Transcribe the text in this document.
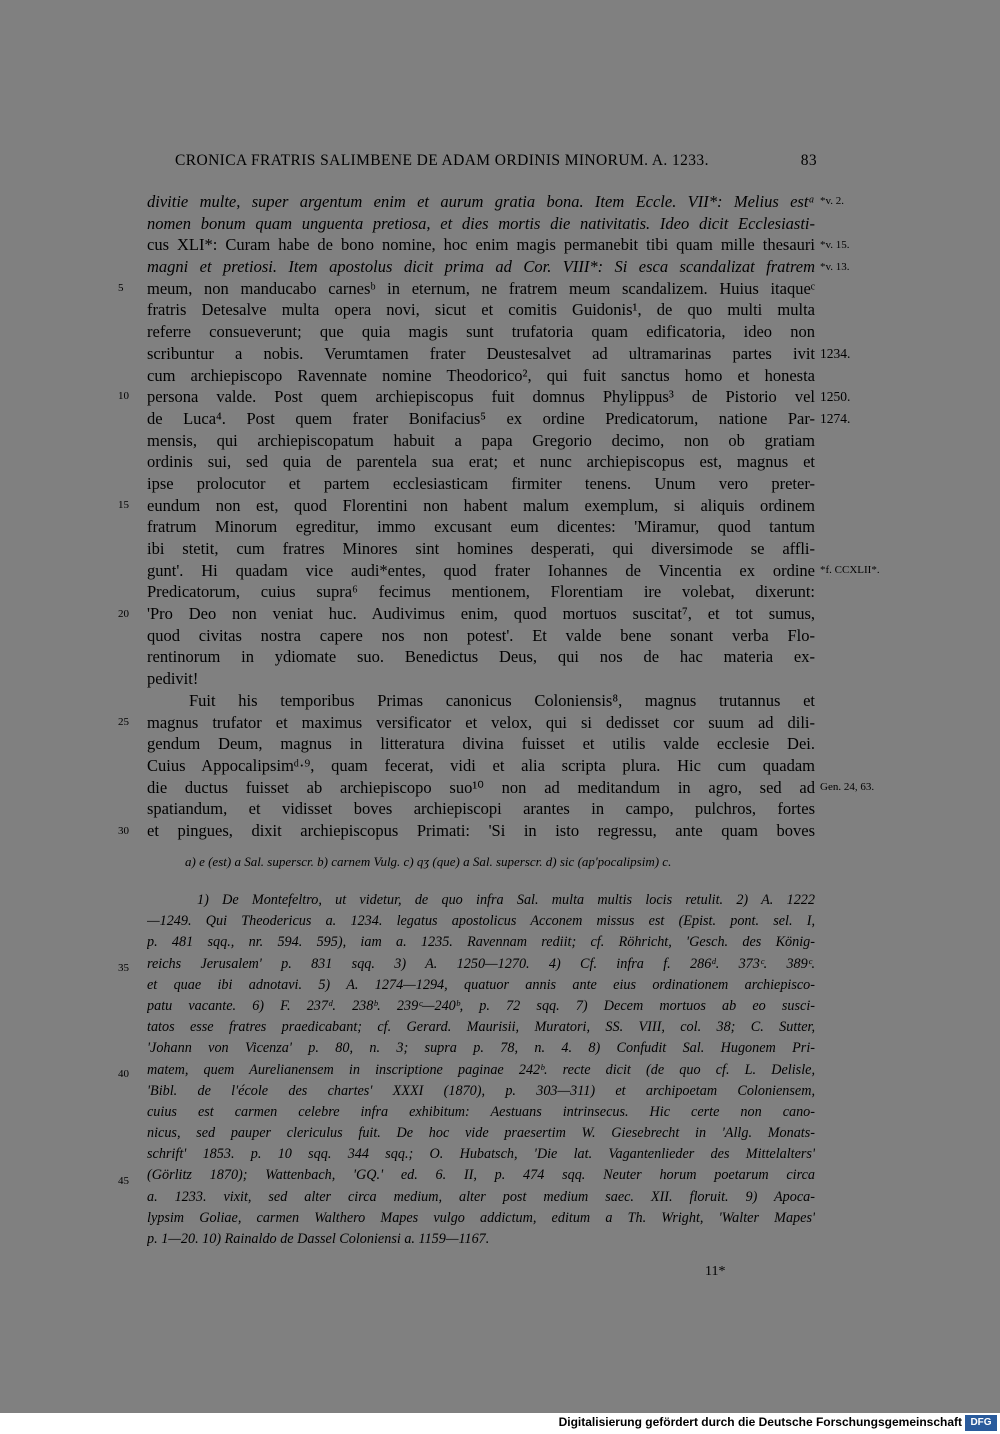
CRONICA FRATRIS SALIMBENE DE ADAM ORDINIS MINORUM. A. 1233.	83
divitie multe, super argentum enim et aurum gratia bona. Item Eccle. VII*: Melius estᵃ
nomen bonum quam unguenta pretiosa, et dies mortis die nativitatis. Ideo dicit Ecclesiasti-
cus XLI*: Curam habe de bono nomine, hoc enim magis permanebit tibi quam mille thesauri
magni et pretiosi. Item apostolus dicit prima ad Cor. VIII*: Si esca scandalizat fratrem
meum, non manducabo carnesᵇ in eternum, ne fratrem meum scandalizem. Huius itaqueᶜ
fratris Detesalve multa opera novi, sicut et comitis Guidonis¹, de quo multi multa
referre consueverunt; que quia magis sunt trufatoria quam edificatoria, ideo non
scribuntur a nobis. Verumtamen frater Deustesalvet ad ultramarinas partes ivit
cum archiepiscopo Ravennate nomine Theodorico², qui fuit sanctus homo et honesta
persona valde. Post quem archiepiscopus fuit domnus Phylippus³ de Pistorio vel
de Luca⁴. Post quem frater Bonifacius⁵ ex ordine Predicatorum, natione Par-
mensis, qui archiepiscopatum habuit a papa Gregorio decimo, non ob gratiam
ordinis sui, sed quia de parentela sua erat; et nunc archiepiscopus est, magnus et
ipse prolocutor et partem ecclesiasticam firmiter tenens. Unum vero preter-
eundum non est, quod Florentini non habent malum exemplum, si aliquis ordinem
fratrum Minorum egreditur, immo excusant eum dicentes: 'Miramur, quod tantum
ibi stetit, cum fratres Minores sint homines desperati, qui diversimode se affli-
gunt'. Hi quadam vice audi*entes, quod frater Iohannes de Vincentia ex ordine
Predicatorum, cuius supra⁶ fecimus mentionem, Florentiam ire volebat, dixerunt:
'Pro Deo non veniat huc. Audivimus enim, quod mortuos suscitat⁷, et tot sumus,
quod civitas nostra capere nos non potest'. Et valde bene sonant verba Flo-
rentinorum in ydiomate suo. Benedictus Deus, qui nos de hac materia ex-
pedivit!
Fuit his temporibus Primas canonicus Coloniensis⁸, magnus trutannus et
magnus trufator et maximus versificator et velox, qui si dedisset cor suum ad dili-
gendum Deum, magnus in litteratura divina fuisset et utilis valde ecclesie Dei.
Cuius Appocalipsimᵈ·⁹, quam fecerat, vidi et alia scripta plura. Hic cum quadam
die ductus fuisset ab archiepiscopo suo¹⁰ non ad meditandum in agro, sed ad
spatiandum, et vidisset boves archiepiscopi arantes in campo, pulchros, fortes
et pingues, dixit archiepiscopus Primati: 'Si in isto regressu, ante quam boves
5
10
15
20
25
30
*v. 2.
*v. 15.
*v. 13.
1234.
1250.
1274.
*f. CCXLII*.
Gen. 24, 63.
a) e (est) a Sal. superscr. b) carnem Vulg. c) qʒ (que) a Sal. superscr. d) sic (ap'pocalipsim) c.
1) De Montefeltro, ut videtur, de quo infra Sal. multa multis locis retulit. 2) A. 1222
—1249. Qui Theodericus a. 1234. legatus apostolicus Acconem missus est (Epist. pont. sel. I,
p. 481 sqq., nr. 594. 595), iam a. 1235. Ravennam rediit; cf. Röhricht, 'Gesch. des König-
reichs Jerusalem' p. 831 sqq. 3) A. 1250—1270. 4) Cf. infra f. 286ᵈ. 373ᶜ. 389ᶜ.
et quae ibi adnotavi. 5) A. 1274—1294, quatuor annis ante eius ordinationem archiepisco-
patu vacante. 6) F. 237ᵈ. 238ᵇ. 239ᶜ—240ᵇ, p. 72 sqq. 7) Decem mortuos ab eo susci-
tatos esse fratres praedicabant; cf. Gerard. Maurisii, Muratori, SS. VIII, col. 38; C. Sutter,
'Johann von Vicenza' p. 80, n. 3; supra p. 78, n. 4. 8) Confudit Sal. Hugonem Pri-
matem, quem Aurelianensem in inscriptione paginae 242ᵇ. recte dicit (de quo cf. L. Delisle,
'Bibl. de l'école des chartes' XXXI (1870), p. 303—311) et archipoetam Coloniensem,
cuius est carmen celebre infra exhibitum: Aestuans intrinsecus. Hic certe non cano-
nicus, sed pauper clericulus fuit. De hoc vide praesertim W. Giesebrecht in 'Allg. Monats-
schrift' 1853. p. 10 sqq. 344 sqq.; O. Hubatsch, 'Die lat. Vagantenlieder des Mittelalters'
(Görlitz 1870); Wattenbach, 'GQ.' ed. 6. II, p. 474 sqq. Neuter horum poetarum circa
a. 1233. vixit, sed alter circa medium, alter post medium saec. XII. floruit. 9) Apoca-
lypsim Goliae, carmen Walthero Mapes vulgo addictum, editum a Th. Wright, 'Walter Mapes'
p. 1—20. 10) Rainaldo de Dassel Coloniensi a. 1159—1167.
35
40
45
11*
Digitalisierung gefördert durch die Deutsche Forschungsgemeinschaft DFG
